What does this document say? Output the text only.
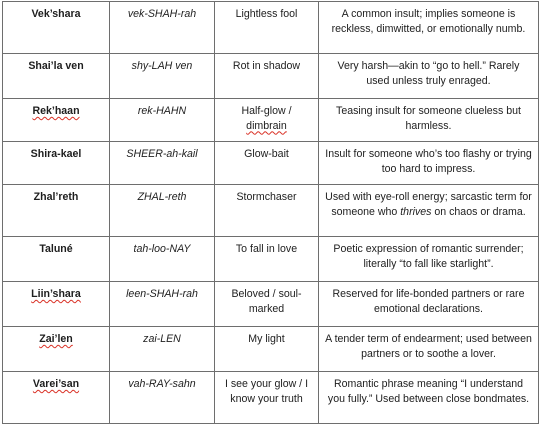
Vek’shara	vek-SHAH-rah	Lightless fool	A common insult; implies someone is reckless, dimwitted, or emotionally numb.
Shai’la ven	shy-LAH ven	Rot in shadow	Very harsh—akin to “go to hell.” Rarely used unless truly enraged.
Rek’haan	rek-HAHN	Half-glow / dimbrain	Teasing insult for someone clueless but harmless.
Shira-kael	SHEER-ah-kail	Glow-bait	Insult for someone who’s too flashy or trying too hard to impress.
Zhal’reth	ZHAL-reth	Stormchaser	Used with eye-roll energy; sarcastic term for someone who thrives on chaos or drama.
Taluné	tah-loo-NAY	To fall in love	Poetic expression of romantic surrender; literally “to fall like starlight”.
Liin’shara	leen-SHAH-rah	Beloved / soul-marked	Reserved for life-bonded partners or rare emotional declarations.
Zai’len	zai-LEN	My light	A tender term of endearment; used between partners or to soothe a lover.
Varei’san	vah-RAY-sahn	I see your glow / I know your truth	Romantic phrase meaning “I understand you fully.” Used between close bondmates.
